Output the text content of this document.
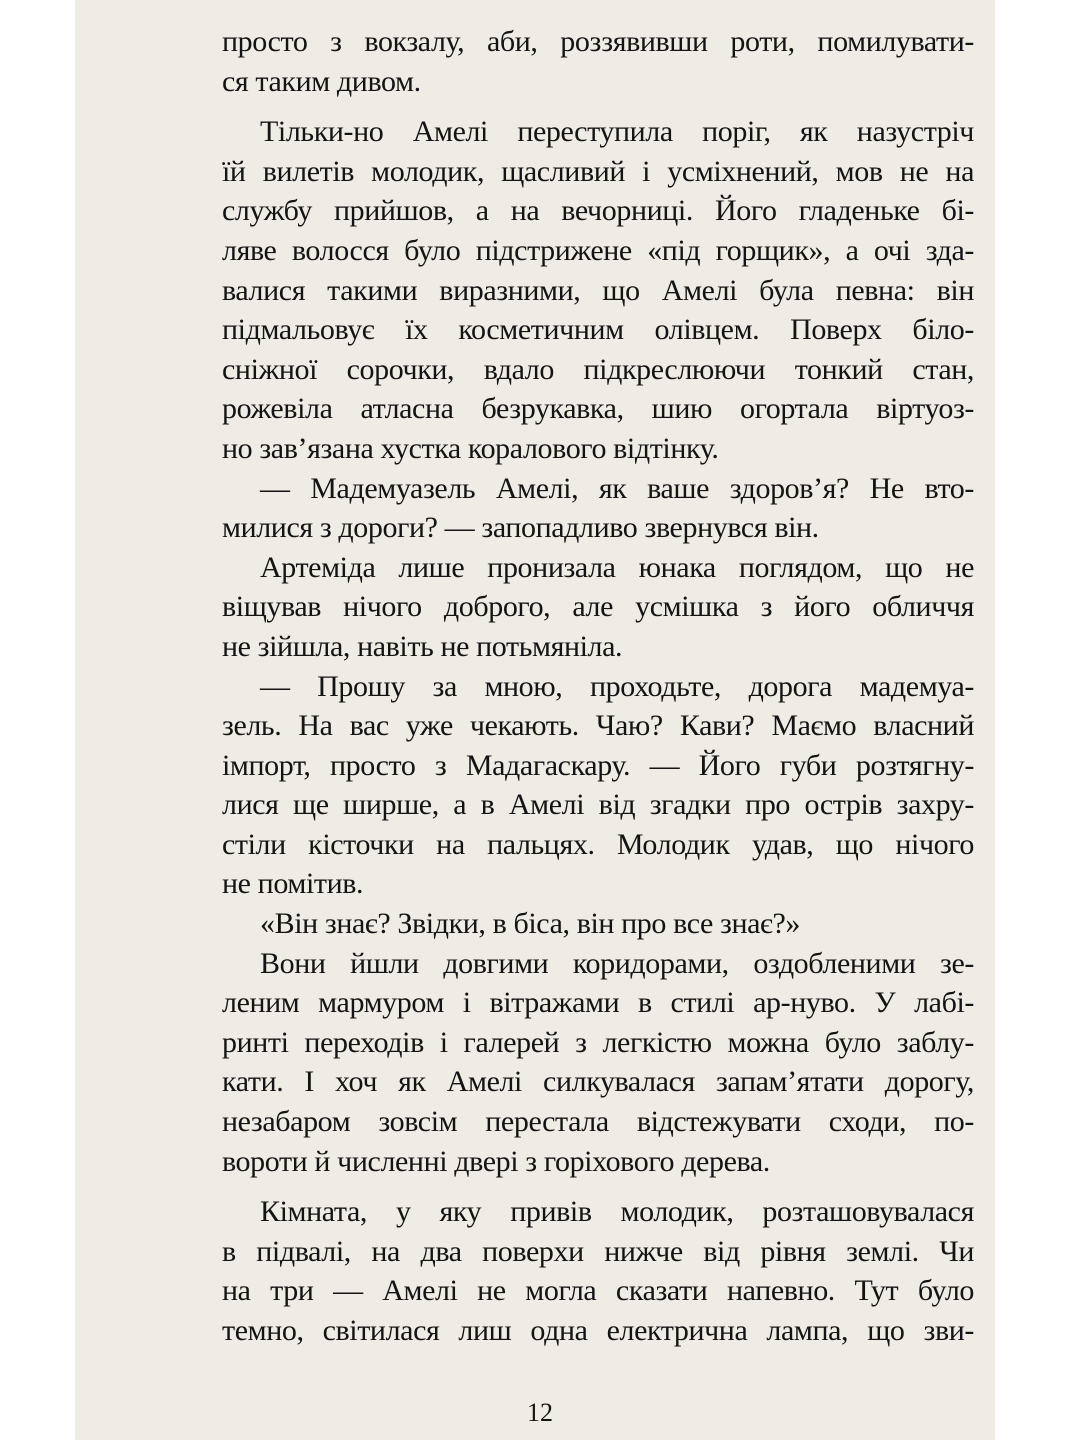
просто з вокзалу, аби, роззявивши роти, помилувати-
ся таким дивом.
Тільки-но Амелі переступила поріг, як назустріч
їй вилетів молодик, щасливий і усміхнений, мов не на
службу прийшов, а на вечорниці. Його гладеньке бі-
ляве волосся було підстрижене «під горщик», а очі зда-
валися такими виразними, що Амелі була певна: він
підмальовує їх косметичним олівцем. Поверх біло-
сніжної сорочки, вдало підкреслюючи тонкий стан,
рожевіла атласна безрукавка, шию огортала віртуоз-
но зав’язана хустка коралового відтінку.
— Мадемуазель Амелі, як ваше здоров’я? Не вто-
милися з дороги? — запопадливо звернувся він.
Артеміда лише пронизала юнака поглядом, що не
віщував нічого доброго, але усмішка з його обличчя
не зійшла, навіть не потьмяніла.
— Прошу за мною, проходьте, дорога мадемуа-
зель. На вас уже чекають. Чаю? Кави? Маємо власний
імпорт, просто з Мадагаскару. — Його губи розтягну-
лися ще ширше, а в Амелі від згадки про острів захру-
стіли кісточки на пальцях. Молодик удав, що нічого
не помітив.
«Він знає? Звідки, в біса, він про все знає?»
Вони йшли довгими коридорами, оздобленими зе-
леним мармуром і вітражами в стилі ар-нуво. У лабі-
ринті переходів і галерей з легкістю можна було заблу-
кати. І хоч як Амелі силкувалася запам’ятати дорогу,
незабаром зовсім перестала відстежувати сходи, по-
вороти й численні двері з горіхового дерева.
Кімната, у яку привів молодик, розташовувалася
в підвалі, на два поверхи нижче від рівня землі. Чи
на три — Амелі не могла сказати напевно. Тут було
темно, світилася лиш одна електрична лампа, що зви-
12
